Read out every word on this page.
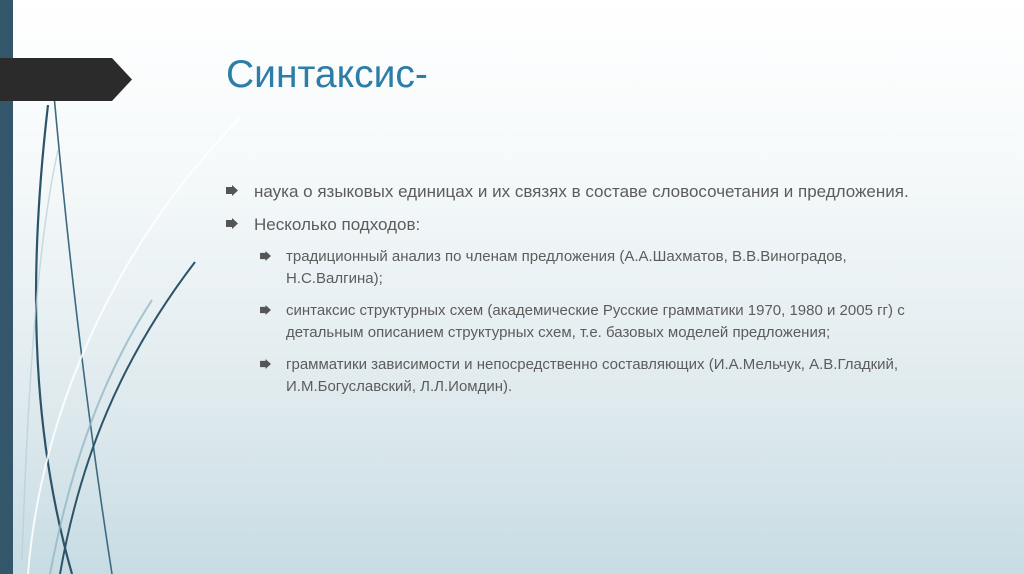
Синтаксис-
наука о языковых единицах и их связях в составе словосочетания и предложения.
Несколько подходов:
традиционный анализ по членам предложения (А.А.Шахматов, В.В.Виноградов, Н.С.Валгина);
синтаксис структурных схем (академические Русские грамматики 1970, 1980 и 2005 гг) с детальным описанием структурных схем, т.е. базовых моделей предложения;
грамматики зависимости и непосредственно составляющих (И.А.Мельчук, А.В.Гладкий, И.М.Богуславский, Л.Л.Иомдин).
